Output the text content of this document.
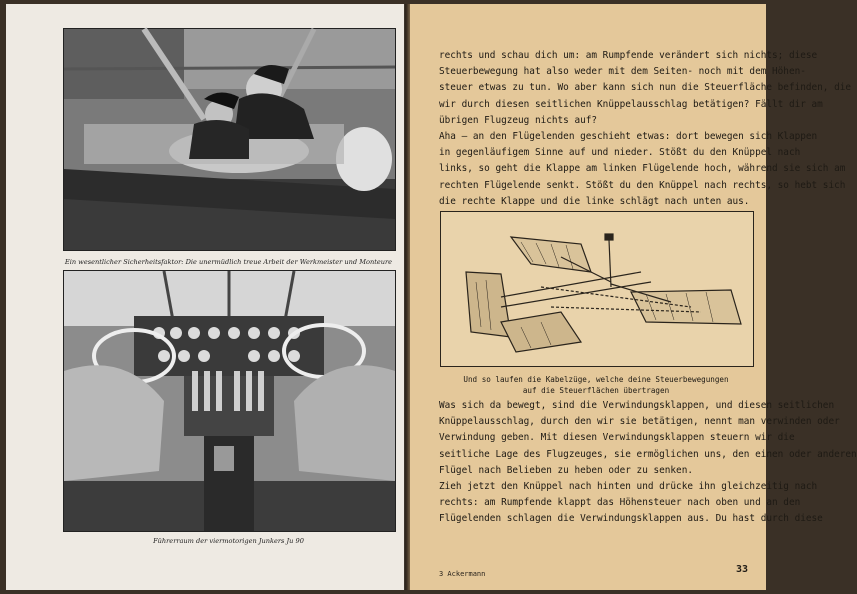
Ein wesentlicher Sicherheitsfaktor: Die unermüdlich treue Arbeit der Werkmeister und Monteure
Führerraum der viermotorigen Junkers Ju 90
rechts und schau dich um: am Rumpfende verändert sich nichts; diese
Steuerbewegung hat also weder mit dem Seiten- noch mit dem Höhen-
steuer etwas zu tun. Wo aber kann sich nun die Steuerfläche befinden, die
wir durch diesen seitlichen Knüppelausschlag betätigen? Fällt dir am
übrigen Flugzeug nichts auf?
Aha — an den Flügelenden geschieht etwas: dort bewegen sich Klappen
in gegenläufigem Sinne auf und nieder. Stößt du den Knüppel nach
links, so geht die Klappe am linken Flügelende hoch, während sie sich am
rechten Flügelende senkt. Stößt du den Knüppel nach rechts, so hebt sich
die rechte Klappe und die linke schlägt nach unten aus.
Und so laufen die Kabelzüge, welche deine Steuerbewegungen
auf die Steuerflächen übertragen
Was sich da bewegt, sind die Verwindungsklappen, und diesen seitlichen
Knüppelausschlag, durch den wir sie betätigen, nennt man verwinden oder
Verwindung geben. Mit diesen Verwindungsklappen steuern wir die
seitliche Lage des Flugzeuges, sie ermöglichen uns, den einen oder anderen
Flügel nach Belieben zu heben oder zu senken.
Zieh jetzt den Knüppel nach hinten und drücke ihn gleichzeitig nach
rechts: am Rumpfende klappt das Höhensteuer nach oben und an den
Flügelenden schlagen die Verwindungsklappen aus. Du hast durch diese
3 Ackermann	33
